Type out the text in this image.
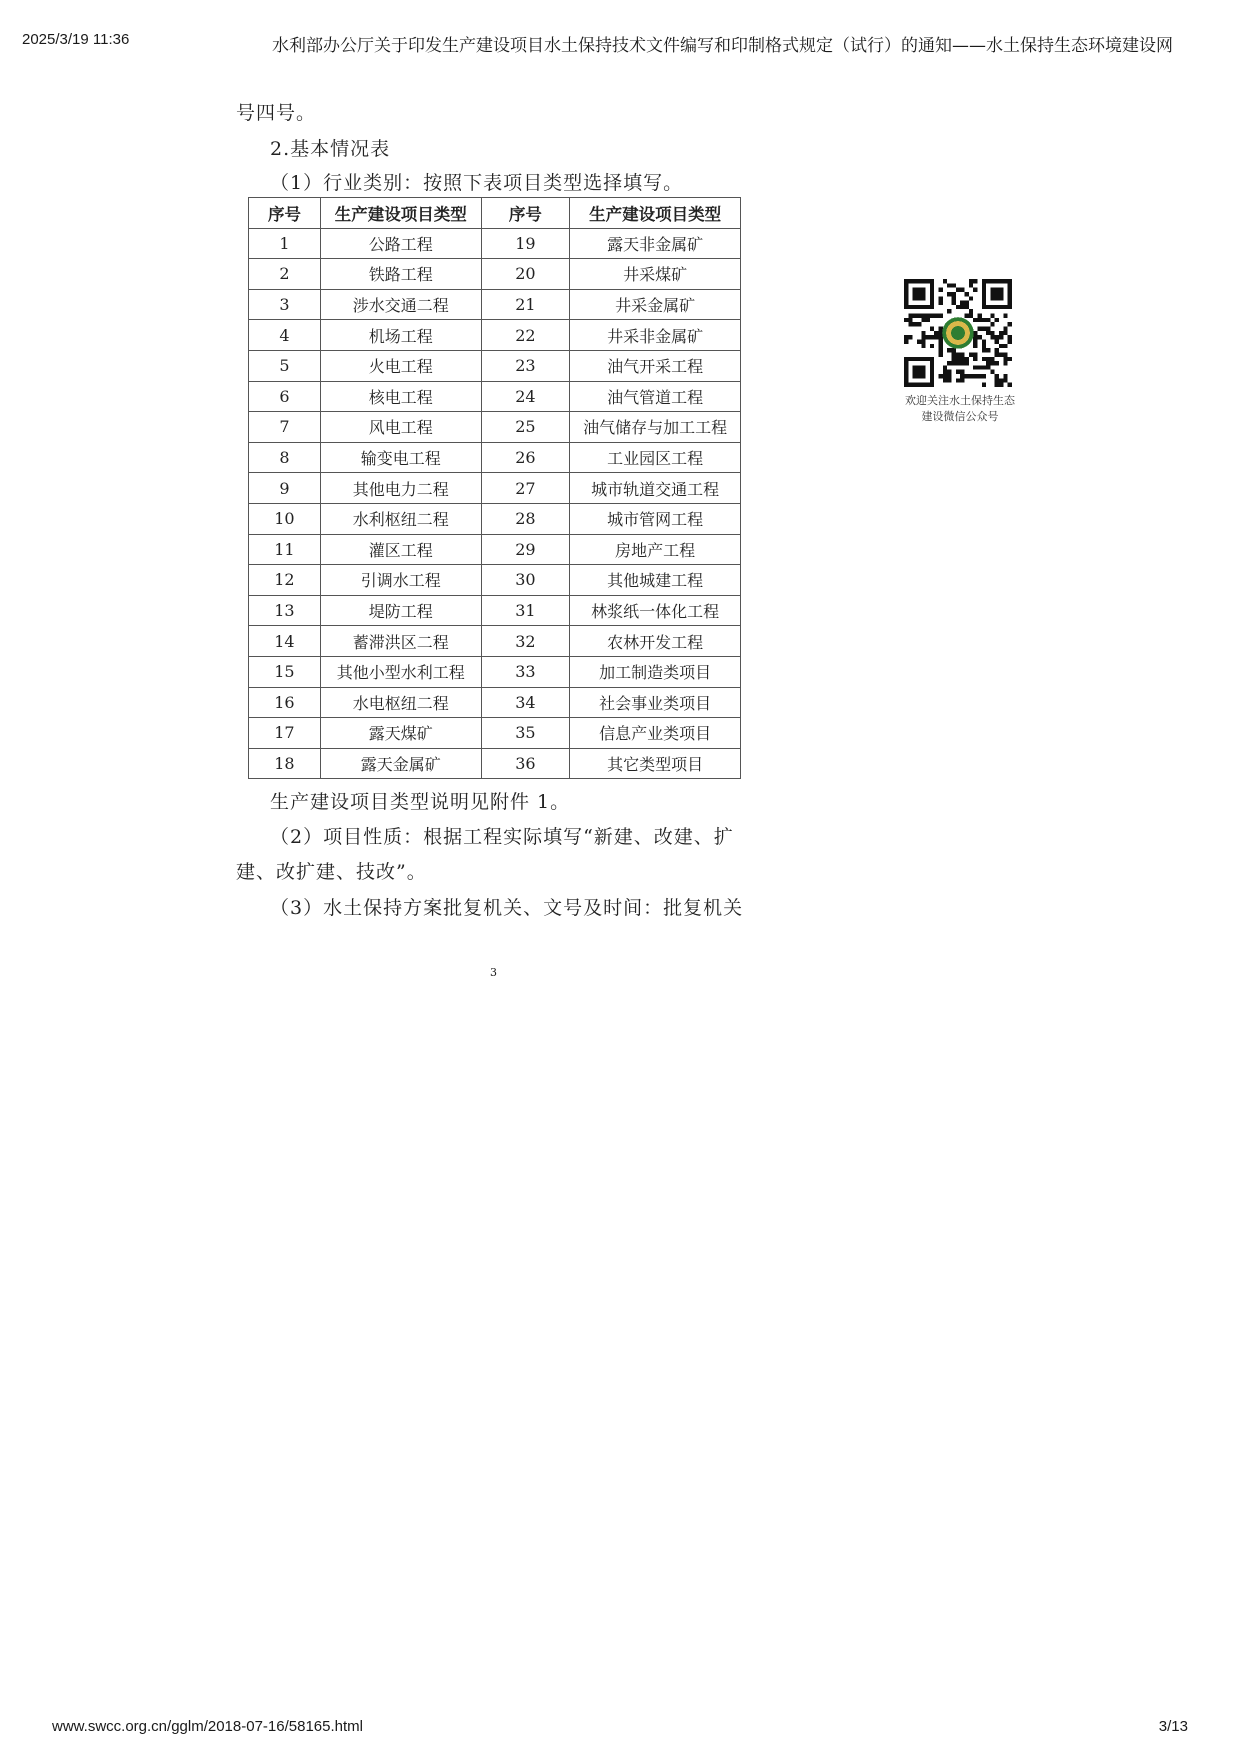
2025/3/19 11:36	水利部办公厅关于印发生产建设项目水土保持技术文件编写和印制格式规定（试行）的通知——水土保持生态环境建设网
号四号。
2.基本情况表
（1）行业类别：按照下表项目类型选择填写。
序号	生产建设项目类型	序号	生产建设项目类型
1	公路工程	19	露天非金属矿
2	铁路工程	20	井采煤矿
3	涉水交通二程	21	井采金属矿
4	机场工程	22	井采非金属矿
5	火电工程	23	油气开采工程
6	核电工程	24	油气管道工程
7	风电工程	25	油气储存与加工工程
8	输变电工程	26	工业园区工程
9	其他电力二程	27	城市轨道交通工程
10	水利枢纽二程	28	城市管网工程
11	灌区工程	29	房地产工程
12	引调水工程	30	其他城建工程
13	堤防工程	31	林浆纸一体化工程
14	蓄滞洪区二程	32	农林开发工程
15	其他小型水利工程	33	加工制造类项目
16	水电枢纽二程	34	社会事业类项目
17	露天煤矿	35	信息产业类项目
18	露天金属矿	36	其它类型项目
生产建设项目类型说明见附件 1。
（2）项目性质：根据工程实际填写“新建、改建、扩
建、改扩建、技改”。
（3）水土保持方案批复机关、文号及时间：批复机关
3
欢迎关注水土保持生态
建设微信公众号
www.swcc.org.cn/gglm/2018-07-16/58165.html	3/13
